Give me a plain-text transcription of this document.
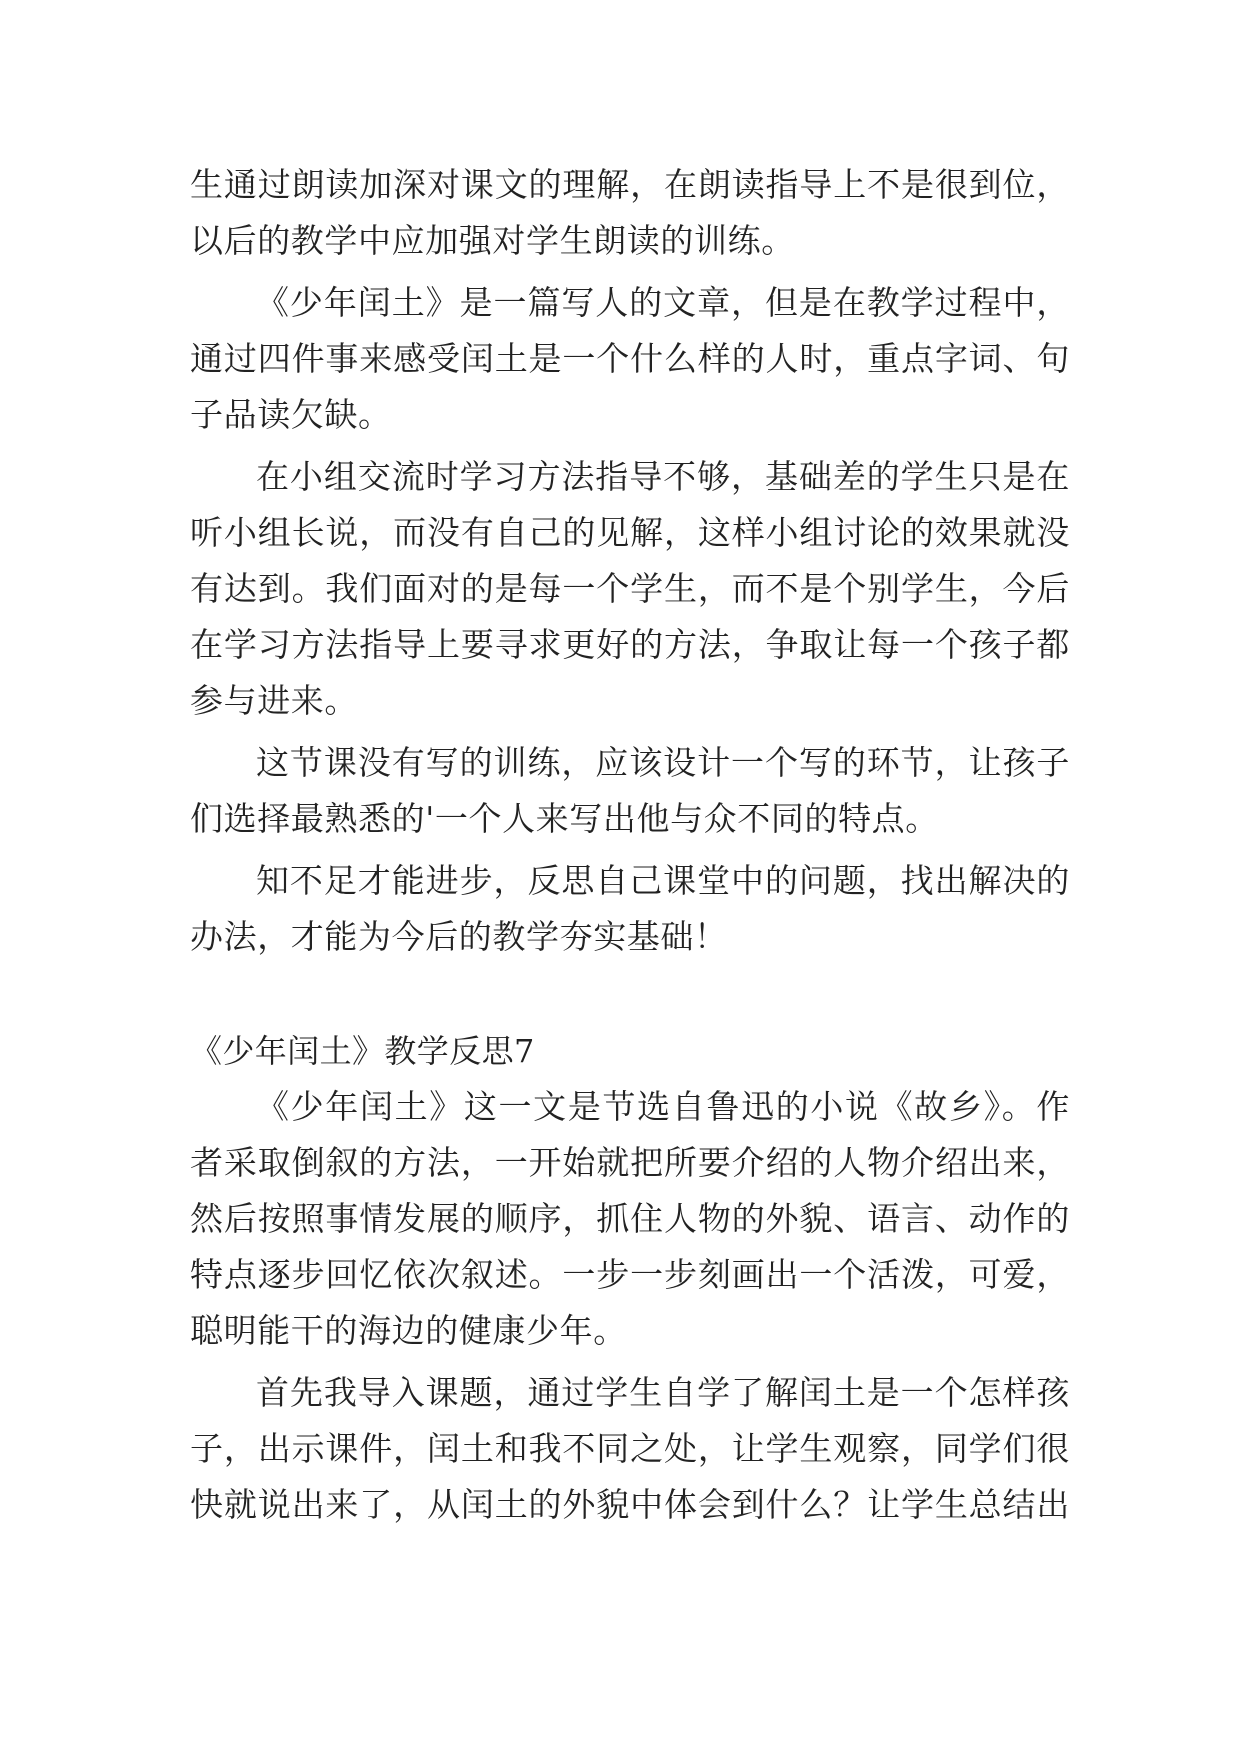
生通过朗读加深对课文的理解，在朗读指导上不是很到位，
以后的教学中应加强对学生朗读的训练。
《少年闰土》是一篇写人的文章，但是在教学过程中，
通过四件事来感受闰土是一个什么样的人时，重点字词、句
子品读欠缺。
在小组交流时学习方法指导不够，基础差的学生只是在
听小组长说，而没有自己的见解，这样小组讨论的效果就没
有达到。我们面对的是每一个学生，而不是个别学生，今后
在学习方法指导上要寻求更好的方法，争取让每一个孩子都
参与进来。
这节课没有写的训练，应该设计一个写的环节，让孩子
们选择最熟悉的'一个人来写出他与众不同的特点。
知不足才能进步，反思自己课堂中的问题，找出解决的
办法，才能为今后的教学夯实基础！
《少年闰土》教学反思7
《少年闰土》这一文是节选自鲁迅的小说《故乡》。作
者采取倒叙的方法，一开始就把所要介绍的人物介绍出来，
然后按照事情发展的顺序，抓住人物的外貌、语言、动作的
特点逐步回忆依次叙述。一步一步刻画出一个活泼，可爱，
聪明能干的海边的健康少年。
首先我导入课题，通过学生自学了解闰土是一个怎样孩
子，出示课件，闰土和我不同之处，让学生观察，同学们很
快就说出来了，从闰土的外貌中体会到什么？让学生总结出
